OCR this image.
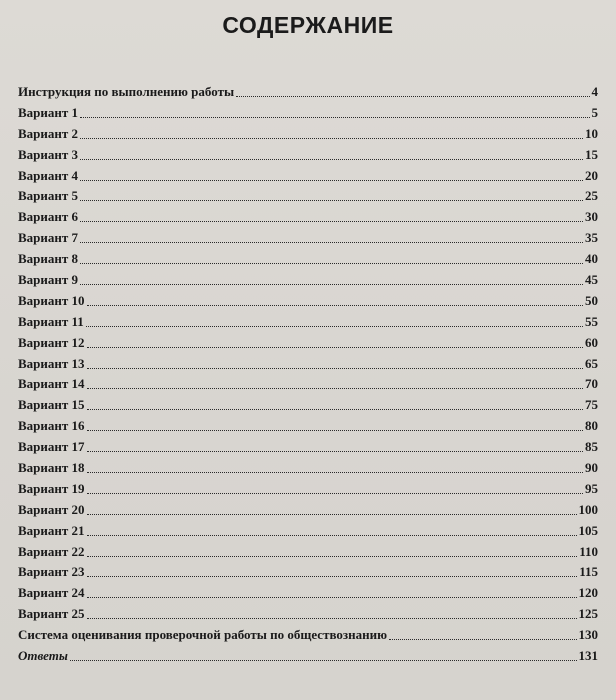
СОДЕРЖАНИЕ
Инструкция по выполнению работы	4
Вариант 1	5
Вариант 2	10
Вариант 3	15
Вариант 4	20
Вариант 5	25
Вариант 6	30
Вариант 7	35
Вариант 8	40
Вариант 9	45
Вариант 10	50
Вариант 11	55
Вариант 12	60
Вариант 13	65
Вариант 14	70
Вариант 15	75
Вариант 16	80
Вариант 17	85
Вариант 18	90
Вариант 19	95
Вариант 20	100
Вариант 21	105
Вариант 22	110
Вариант 23	115
Вариант 24	120
Вариант 25	125
Система оценивания проверочной работы по обществознанию	130
Ответы	131
